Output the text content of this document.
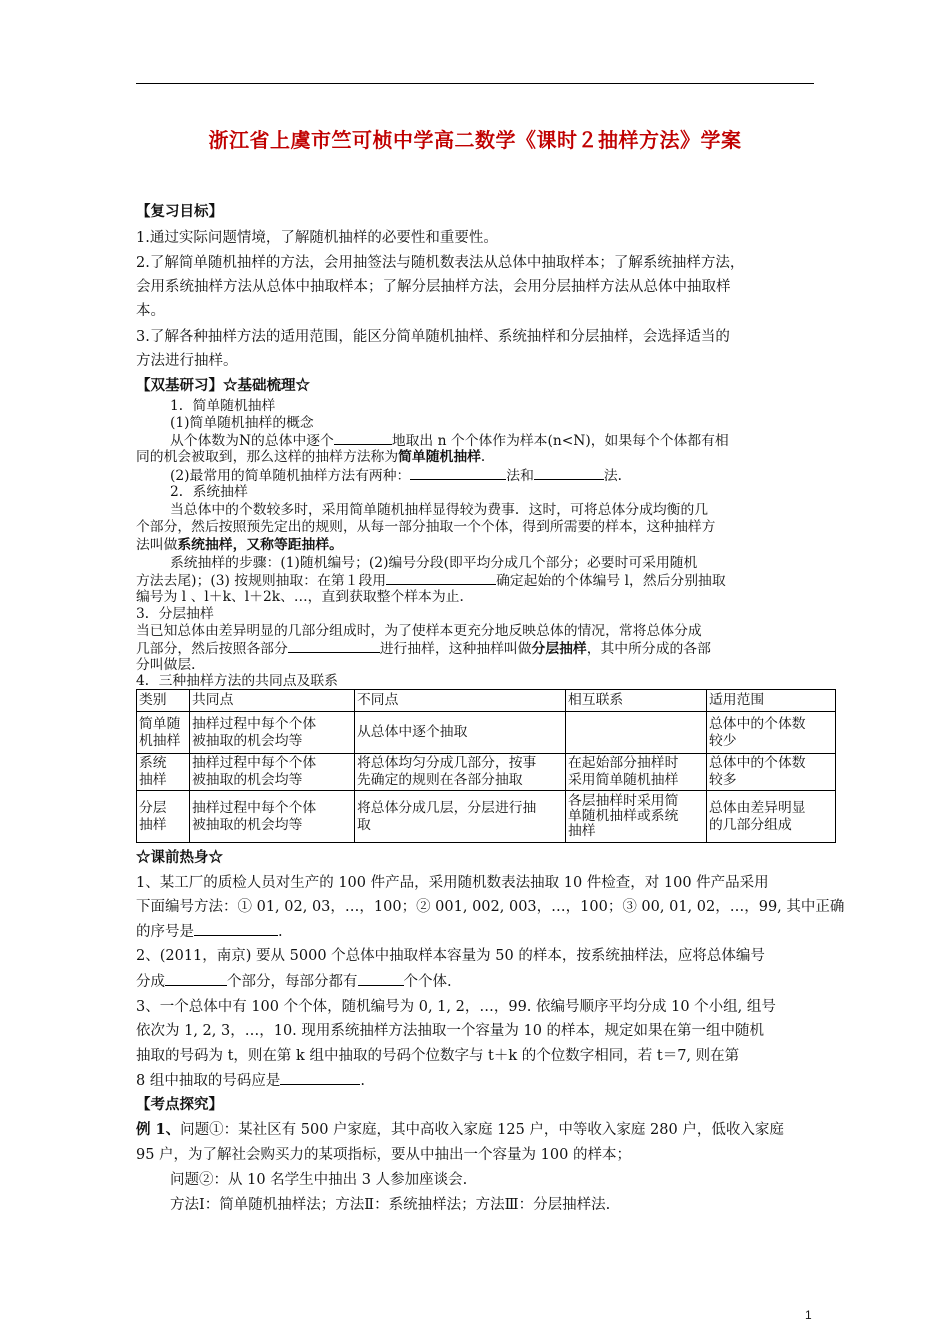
浙江省上虞市竺可桢中学高二数学《课时２抽样方法》学案
【复习目标】
1.通过实际问题情境，了解随机抽样的必要性和重要性。
2.了解简单随机抽样的方法，会用抽签法与随机数表法从总体中抽取样本；了解系统抽样方法，
会用系统抽样方法从总体中抽取样本；了解分层抽样方法，会用分层抽样方法从总体中抽取样
本。
3.了解各种抽样方法的适用范围，能区分简单随机抽样、系统抽样和分层抽样，会选择适当的
方法进行抽样。
【双基研习】☆基础梳理☆
1．简单随机抽样
(1)简单随机抽样的概念
从个体数为N的总体中逐个	地取出 n 个个体作为样本(n<N)，如果每个个体都有相
同的机会被取到，那么这样的抽样方法称为简单随机抽样．
(2)最常用的简单随机抽样方法有两种：	法和	法．
2．系统抽样
当总体中的个数较多时，采用简单随机抽样显得较为费事．这时，可将总体分成均衡的几
个部分，然后按照预先定出的规则，从每一部分抽取一个个体，得到所需要的样本，这种抽样方
法叫做系统抽样，又称等距抽样。
系统抽样的步骤：(1)随机编号；(2)编号分段(即平均分成几个部分；必要时可采用随机
方法去尾)；(3) 按规则抽取：在第１段用	确定起始的个体编号 l，然后分别抽取
编号为 l 、l＋k、l＋2k、…，直到获取整个样本为止．
3．分层抽样
当已知总体由差异明显的几部分组成时，为了使样本更充分地反映总体的情况，常将总体分成
几部分，然后按照各部分	进行抽样，这种抽样叫做分层抽样，其中所分成的各部
分叫做层．
4．三种抽样方法的共同点及联系
类别	共同点	不同点	相互联系	适用范围
简单随
机抽样	抽样过程中每个个体
被抽取的机会均等	从总体中逐个抽取		总体中的个体数
较少
系统
抽样	抽样过程中每个个体
被抽取的机会均等	将总体均匀分成几部分，按事
先确定的规则在各部分抽取	在起始部分抽样时
采用简单随机抽样	总体中的个体数
较多
分层
抽样	抽样过程中每个个体
被抽取的机会均等	将总体分成几层，分层进行抽
取	各层抽样时采用简
单随机抽样或系统
抽样	总体由差异明显
的几部分组成
☆课前热身☆
1、某工厂的质检人员对生产的 100 件产品，采用随机数表法抽取 10 件检查，对 100 件产品采用
下面编号方法：① 01, 02, 03，…，100；② 001, 002, 003，…，100；③ 00, 01, 02，…，99, 其中正确
的序号是	.
2、(2011，南京) 要从 5000 个总体中抽取样本容量为 50 的样本，按系统抽样法，应将总体编号
分成	个部分，每部分都有	个个体.
3、一个总体中有 100 个个体，随机编号为 0, 1, 2，…，99. 依编号顺序平均分成 10 个小组, 组号
依次为 1, 2, 3，…，10. 现用系统抽样方法抽取一个容量为 10 的样本，规定如果在第一组中随机
抽取的号码为 t，则在第 k 组中抽取的号码个位数字与 t＋k 的个位数字相同，若 t＝7, 则在第
8 组中抽取的号码应是	.
【考点探究】
例 1、问题①：某社区有 500 户家庭，其中高收入家庭 125 户，中等收入家庭 280 户，低收入家庭
95 户，为了解社会购买力的某项指标，要从中抽出一个容量为 100 的样本；
问题②：从 10 名学生中抽出 3 人参加座谈会.
方法Ⅰ：简单随机抽样法；方法Ⅱ：系统抽样法；方法Ⅲ：分层抽样法.
1
